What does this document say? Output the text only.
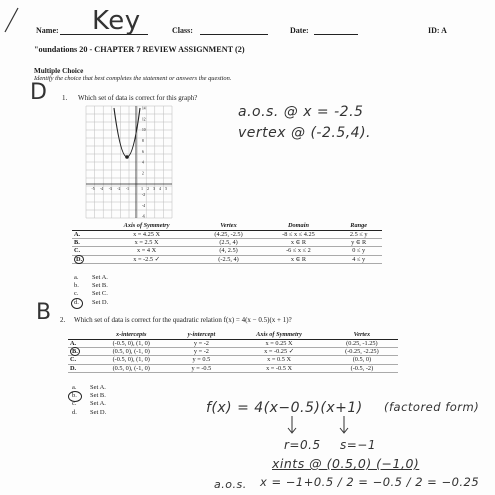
Name: Key	Class:	Date:	ID: A
"oundations 20 - CHAPTER 7 REVIEW ASSIGNMENT (2)
Multiple Choice
Identify the choice that best completes the statement or answers the question.
D 1. Which set of data is correct for this graph?
-5 -4 -3 -2 -1	1 2 3 4 5
14
12
10
8
6
4
2
-2
-4
-6
a.o.s. @ x = -2.5
vertex @ (-2.5,4).
	Axis of Symmetry	Vertex	Domain	Range
A.	x = 4.25 X	(4.25, -2.5)	-8 ≤ x ≤ 4.25	2.5 ≤ y
B.	x = 2.5 X	(2.5, 4)	x ∈ R	y ∈ R
C.	x = 4 X	(4, 2.5)	-6 ≤ x ≤ 2	0 ≤ y
D.	x = -2.5 ✓	(-2.5, 4)	x ∈ R	4 ≤ y
a. Set A.
b. Set B.
c. Set C.
d. Set D.
B 2. Which set of data is correct for the quadratic relation f(x) = 4(x − 0.5)(x + 1)?
	x-intercepts	y-intercept	Axis of Symmetry	Vertex
A.	(-0.5, 0), (1, 0)	y = -2	x = 0.25 X	(0.25, -1.25)
B.	(0.5, 0), (-1, 0)	y = -2	x = -0.25 ✓	(-0.25, -2.25)
C.	(-0.5, 0), (1, 0)	y = 0.5	x = 0.5 X	(0.5, 0)
D.	(0.5, 0), (-1, 0)	y = -0.5	x = -0.5 X	(-0.5, -2)
a. Set A.
b. Set B.
c. Set A.
d. Set D.	f(x) = 4(x−0.5)(x+1) (factored form)
r=0.5 s=−1
xints @ (0.5,0) (−1,0)
a.o.s. x = −1+0.5 / 2 = −0.5 / 2 = −0.25
